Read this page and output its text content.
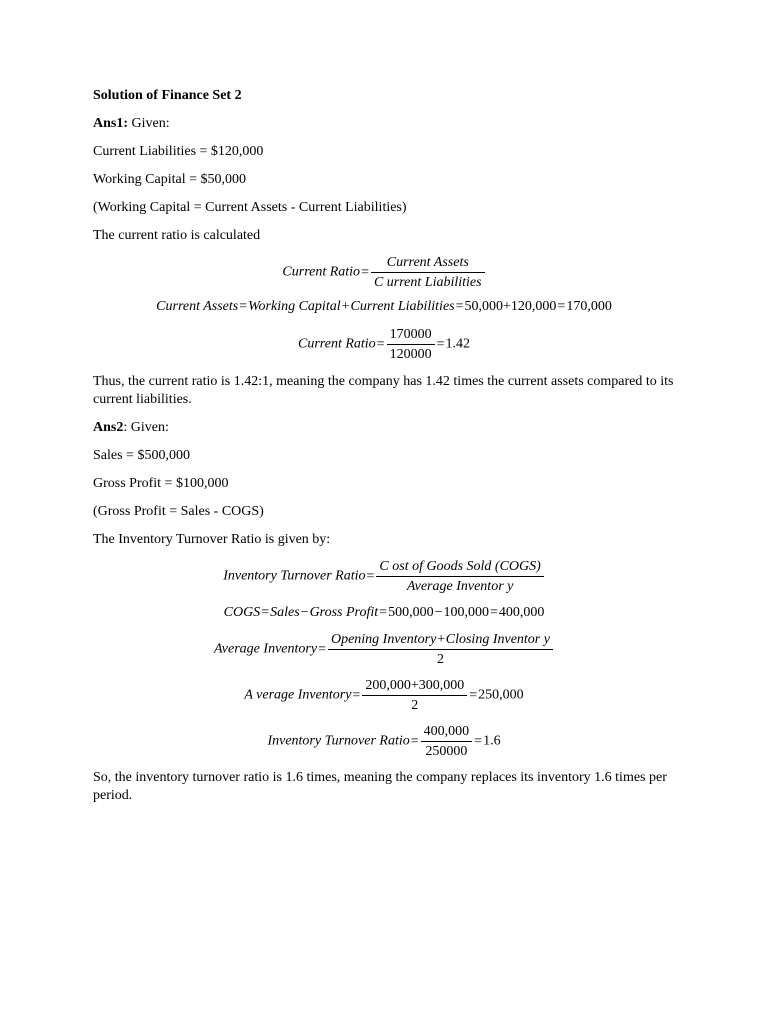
Solution of Finance Set 2
Ans1: Given:
Current Liabilities = $120,000
Working Capital = $50,000
(Working Capital = Current Assets - Current Liabilities)
The current ratio is calculated
Current Ratio= $\frac{\text{Current Assets}}{\text{C urrent Liabilities}}$
Current Assets=Working Capital+Current Liabilities=50,000+120,000=170,000
Current Ratio= $\frac{170000}{120000} =1.42$
Thus, the current ratio is 1.42:1, meaning the company has 1.42 times the current assets compared to its current liabilities.
Ans2: Given:
Sales = $500,000
Gross Profit = $100,000
(Gross Profit = Sales - COGS)
The Inventory Turnover Ratio is given by:
Inventory Turnover Ratio= $\frac{\text{C ost of Goods Sold (COGS)}}{\text{Average Inventor y}}$
COGS=Sales−Gross Profit=500,000−100,000=400,000
Average Inventory= $\frac{\text{Opening Inventory+Closing Inventor y}}{2}$
A verage Inventory= $\frac{200,000+300,000}{2} =250,000$
Inventory Turnover Ratio= $\frac{400,000}{250000} =1.6$
So, the inventory turnover ratio is 1.6 times, meaning the company replaces its inventory 1.6 times per period.
